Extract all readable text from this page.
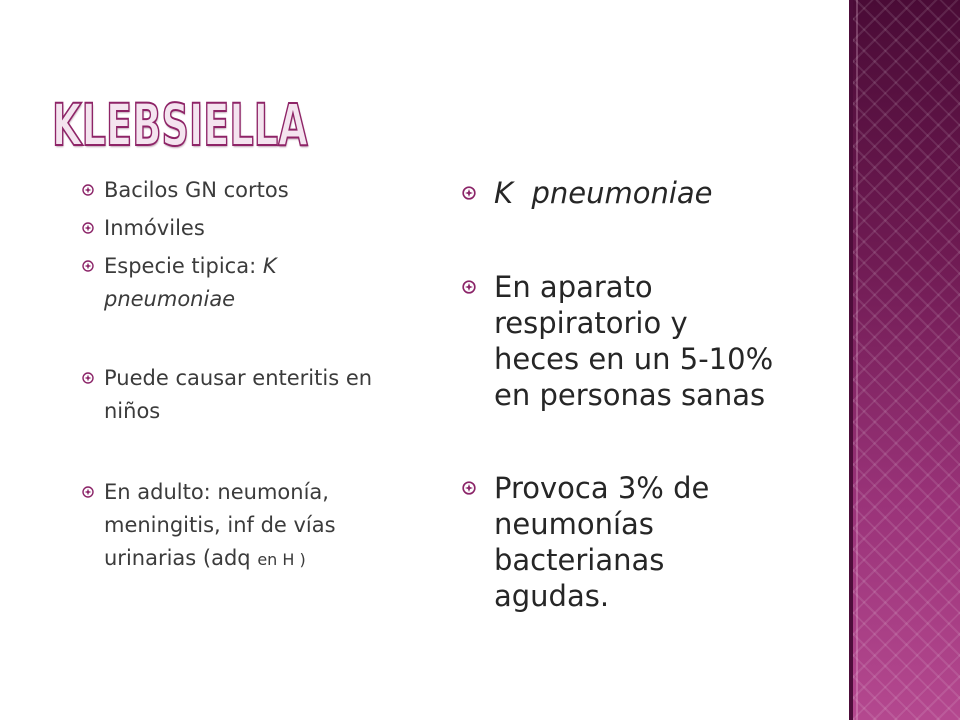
KLEBSIELLA
Bacilos GN cortos
Inmóviles
Especie tipica: K pneumoniae
Puede causar enteritis en niños
En adulto: neumonía, meningitis, inf de vías urinarias (adq en H )
K  pneumoniae
En aparato
respiratorio y
heces en un 5-10%
en personas sanas
Provoca 3% de
neumonías
bacterianas
agudas.
